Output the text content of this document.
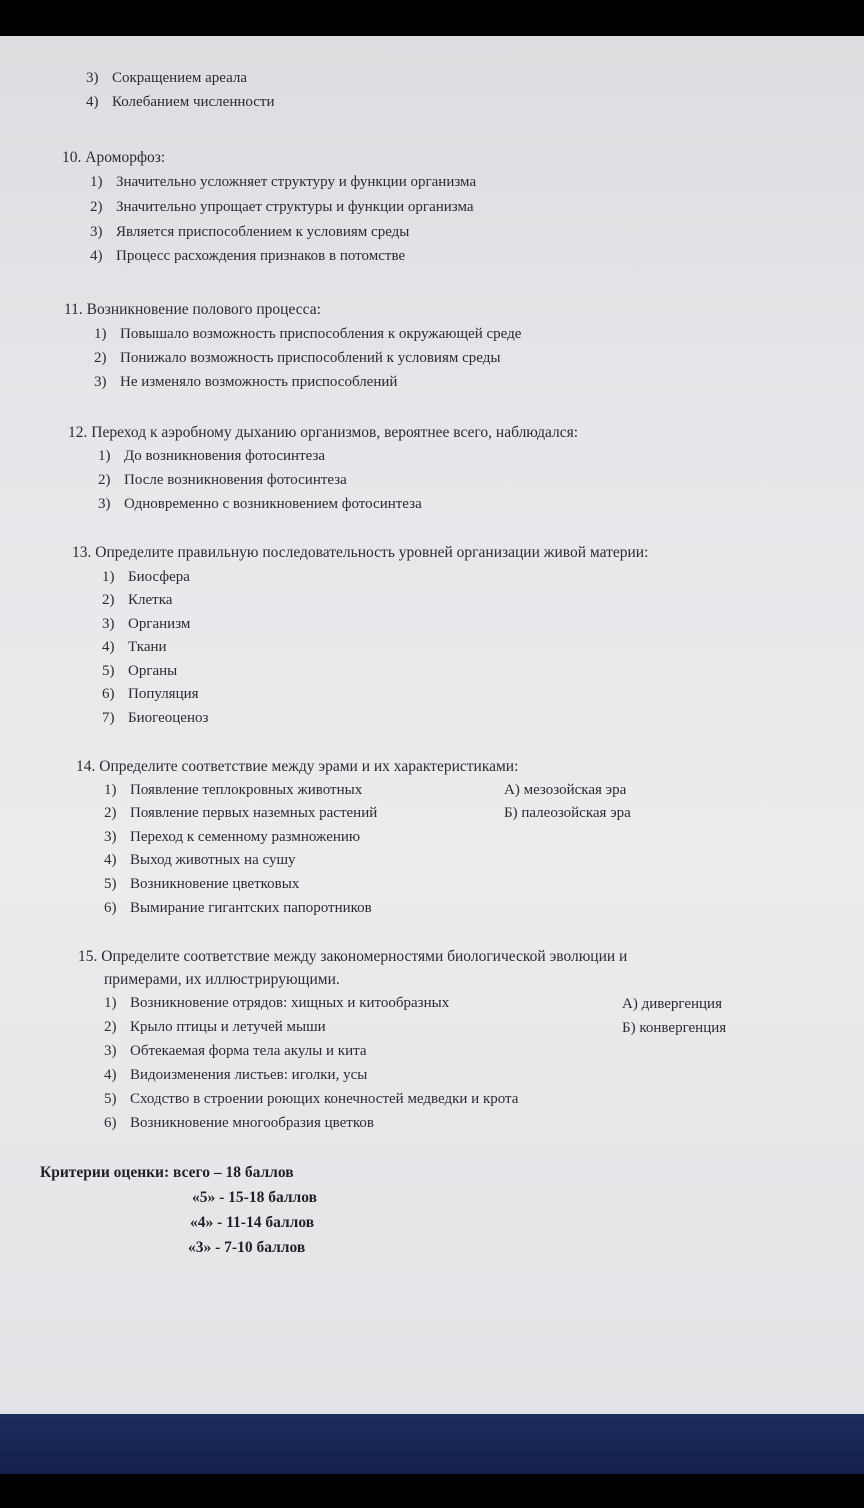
3) Сокращением ареала
4) Колебанием численности
10. Ароморфоз:
1) Значительно усложняет структуру и функции организма
2) Значительно упрощает структуры и функции организма
3) Является приспособлением к условиям среды
4) Процесс расхождения признаков в потомстве
11. Возникновение полового процесса:
1) Повышало возможность приспособления к окружающей среде
2) Понижало возможность приспособлений к условиям среды
3) Не изменяло возможность приспособлений
12. Переход к аэробному дыханию организмов, вероятнее всего, наблюдался:
1) До возникновения фотосинтеза
2) После возникновения фотосинтеза
3) Одновременно с возникновением фотосинтеза
13. Определите правильную последовательность уровней организации живой материи:
1) Биосфера
2) Клетка
3) Организм
4) Ткани
5) Органы
6) Популяция
7) Биогеоценоз
14. Определите соответствие между эрами и их характеристиками:
1) Появление теплокровных животных
2) Появление первых наземных растений
3) Переход к семенному размножению
4) Выход животных на сушу
5) Возникновение цветковых
6) Вымирание гигантских папоротников
А) мезозойская эра
Б) палеозойская эра
15. Определите соответствие между закономерностями биологической эволюции и
примерами, их иллюстрирующими.
1) Возникновение отрядов: хищных и китообразных
2) Крыло птицы и летучей мыши
3) Обтекаемая форма тела акулы и кита
4) Видоизменения листьев: иголки, усы
5) Сходство в строении роющих конечностей медведки и крота
6) Возникновение многообразия цветков
А) дивергенция
Б) конвергенция
Критерии оценки: всего – 18 баллов
«5» - 15-18 баллов
«4» - 11-14 баллов
«3» - 7-10 баллов
